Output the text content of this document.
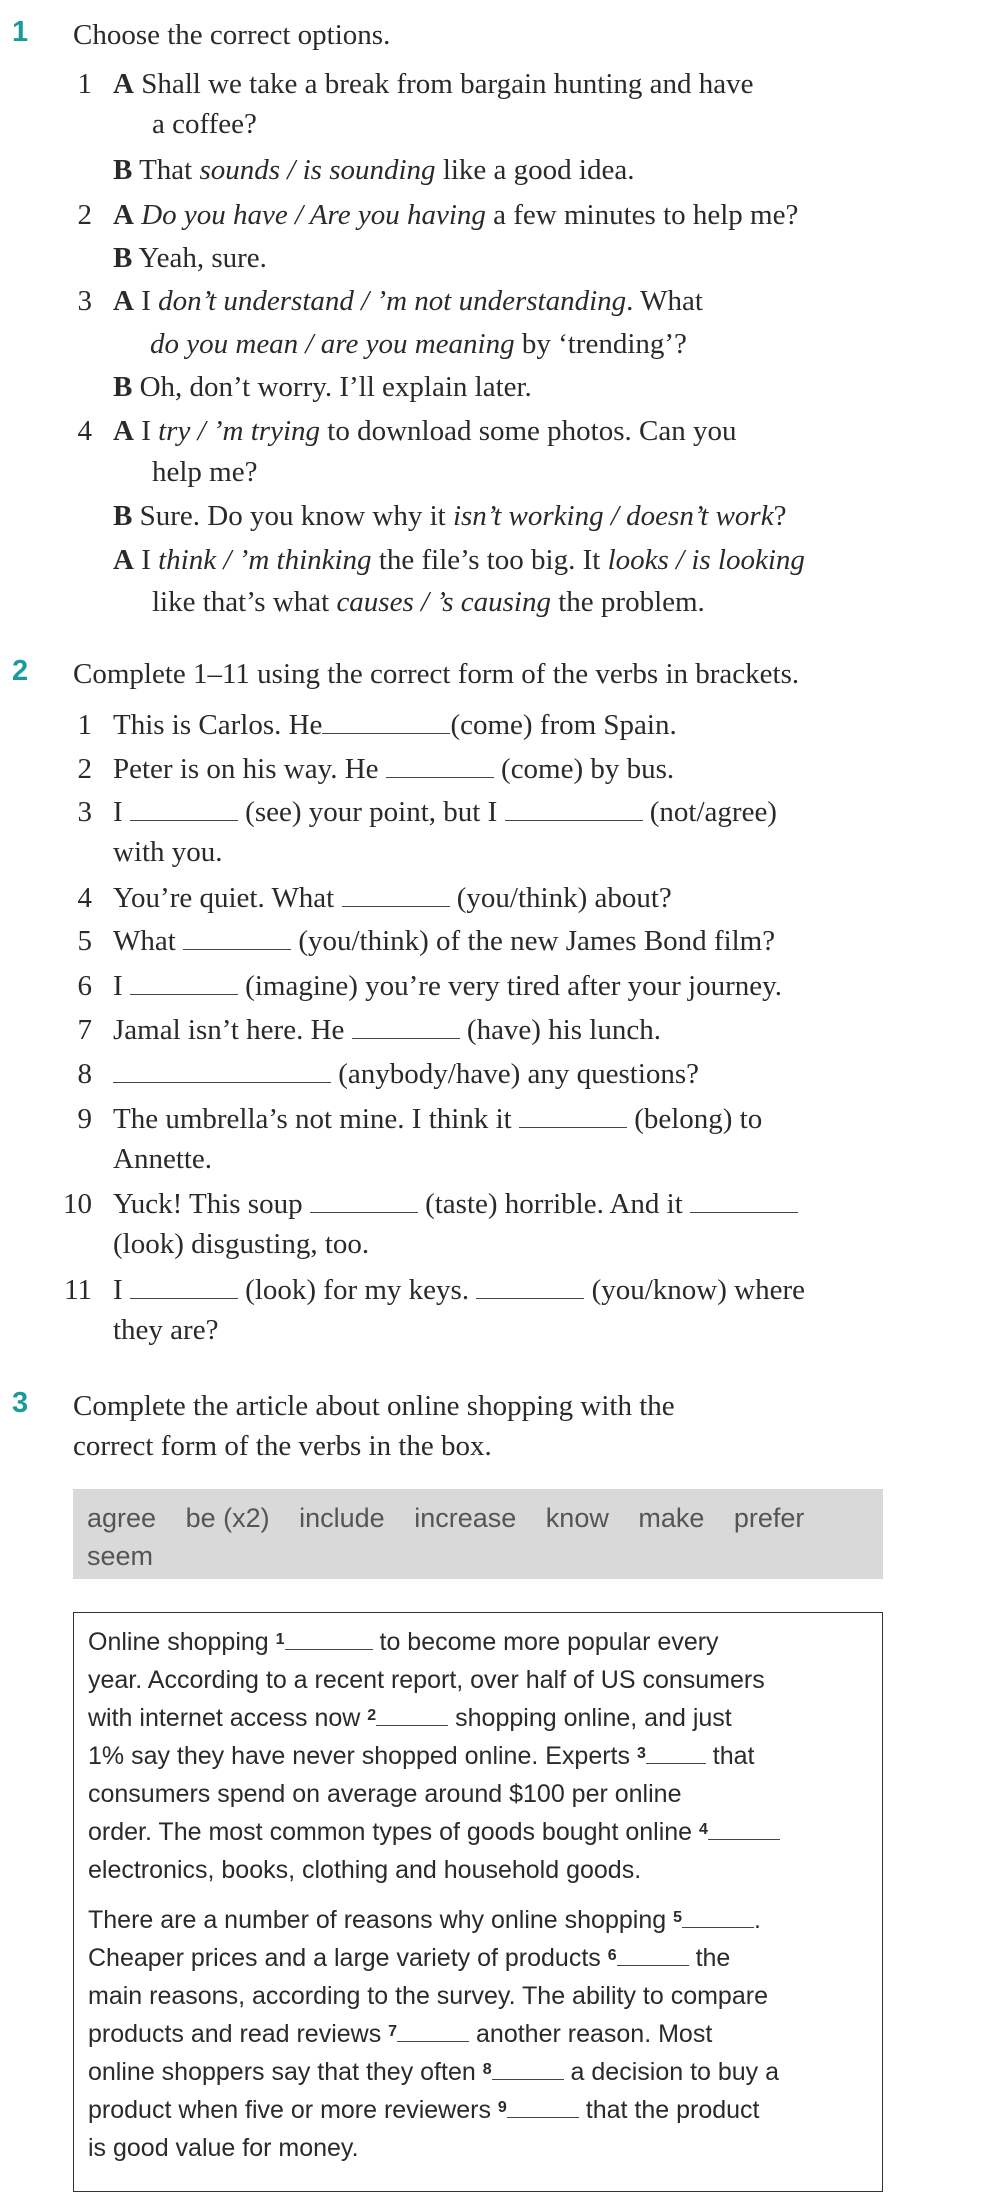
1 Choose the correct options.
1 A Shall we take a break from bargain hunting and have
a coffee?
B That sounds / is sounding like a good idea.
2 A Do you have / Are you having a few minutes to help me?
B Yeah, sure.
3 A I don’t understand / ’m not understanding. What
do you mean / are you meaning by ‘trending’?
B Oh, don’t worry. I’ll explain later.
4 A I try / ’m trying to download some photos. Can you
help me?
B Sure. Do you know why it isn’t working / doesn’t work?
A I think / ’m thinking the file’s too big. It looks / is looking
like that’s what causes / ’s causing the problem.
2 Complete 1–11 using the correct form of the verbs in brackets.
1 This is Carlos. He	(come) from Spain.
2 Peter is on his way. He	(come) by bus.
3 I	(see) your point, but I	(not/agree)
with you.
4 You’re quiet. What	(you/think) about?
5 What	(you/think) of the new James Bond film?
6 I	(imagine) you’re very tired after your journey.
7 Jamal isn’t here. He	(have) his lunch.
8	(anybody/have) any questions?
9 The umbrella’s not mine. I think it	(belong) to
Annette.
10 Yuck! This soup	(taste) horrible. And it
(look) disgusting, too.
11 I	(look) for my keys.	(you/know) where
they are?
3 Complete the article about online shopping with the
correct form of the verbs in the box.
agree be (x2) include increase know make prefer
seem
Online shopping $^1$	to become more popular every
year. According to a recent report, over half of US consumers
with internet access now $^2$	shopping online, and just
1% say they have never shopped online. Experts $^3$ that
consumers spend on average around $100 per online
order. The most common types of goods bought online $^4$
electronics, books, clothing and household goods.
There are a number of reasons why online shopping $^5$	.
Cheaper prices and a large variety of products $^6$	the
main reasons, according to the survey. The ability to compare
products and read reviews $^7$	another reason. Most
online shoppers say that they often $^8$	a decision to buy a
product when five or more reviewers $^9$	that the product
is good value for money.
